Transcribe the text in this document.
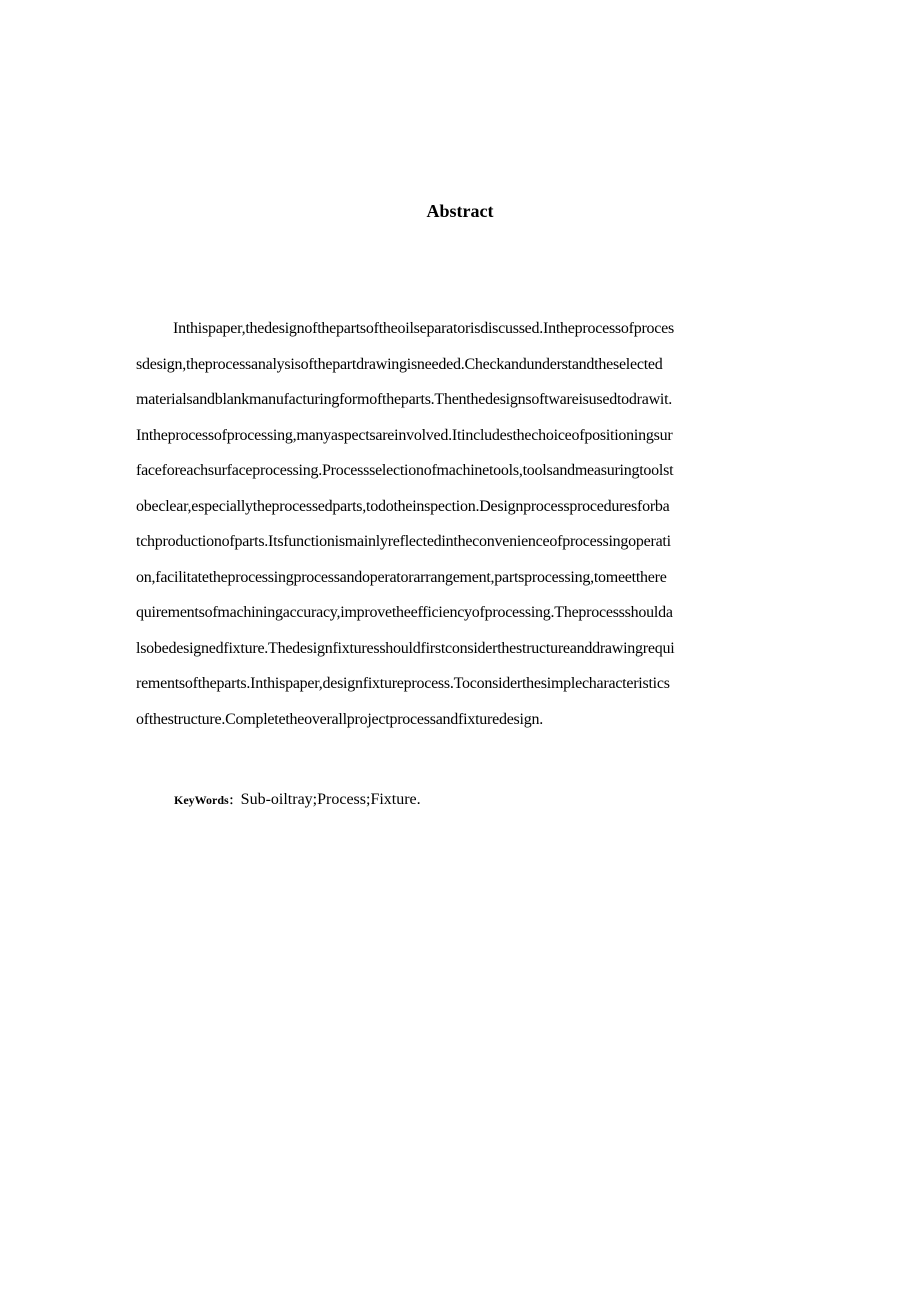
Abstract
Inthispaper,thedesignofthepartsoftheoilseparatorisdiscussed.Intheprocessofproces
sdesign,theprocessanalysisofthepartdrawingisneeded.Checkandunderstandtheselected
materialsandblankmanufacturingformoftheparts.Thenthedesignsoftwareisusedtodrawit.
Intheprocessofprocessing,manyaspectsareinvolved.Itincludesthechoiceofpositioningsur
faceforeachsurfaceprocessing.Processselectionofmachinetools,toolsandmeasuringtoolst
obeclear,especiallytheprocessedparts,todotheinspection.Designprocessproceduresforba
tchproductionofparts.Itsfunctionismainlyreflectedintheconvenienceofprocessingoperati
on,facilitatetheprocessingprocessandoperatorarrangement,partsprocessing,tomeetthere
quirementsofmachiningaccuracy,improvetheefficiencyofprocessing.Theprocessshoulda
lsobedesignedfixture.Thedesignfixturesshouldfirstconsiderthestructureanddrawingrequi
rementsoftheparts.Inthispaper,designfixtureprocess.Toconsiderthesimplecharacteristics
ofthestructure.Completetheoverallprojectprocessandfixturedesign.
KeyWords：Sub-oiltray;Process;Fixture.
